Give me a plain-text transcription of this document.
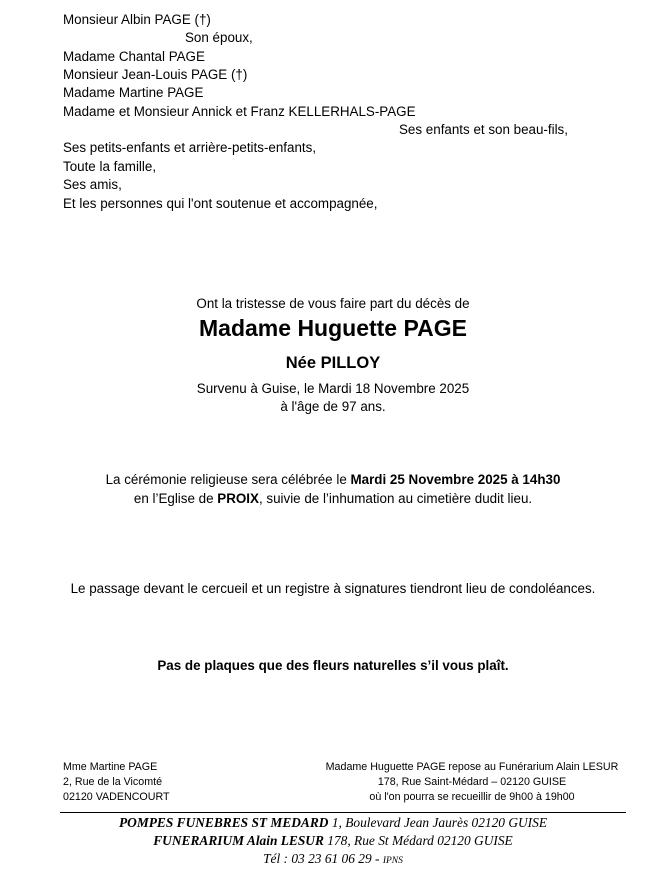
Monsieur Albin PAGE (†)
Son époux,
Madame Chantal PAGE
Monsieur Jean-Louis PAGE (†)
Madame Martine PAGE
Madame et Monsieur Annick et Franz KELLERHALS-PAGE
Ses enfants et son beau-fils,
Ses petits-enfants et arrière-petits-enfants,
Toute la famille,
Ses amis,
Et les personnes qui l'ont soutenue et accompagnée,
Ont la tristesse de vous faire part du décès de
Madame Huguette PAGE
Née PILLOY
Survenu à Guise, le Mardi 18 Novembre 2025
à l'âge de 97 ans.
La cérémonie religieuse sera célébrée le Mardi 25 Novembre 2025 à 14h30
en l’Eglise de PROIX, suivie de l’inhumation au cimetière dudit lieu.
Le passage devant le cercueil et un registre à signatures tiendront lieu de condoléances.
Pas de plaques que des fleurs naturelles s’il vous plaît.
Mme Martine PAGE
2, Rue de la Vicomté
02120 VADENCOURT
Madame Huguette PAGE repose au Funérarium Alain LESUR
178, Rue Saint-Médard – 02120 GUISE
où l'on pourra se recueillir de 9h00 à 19h00
POMPES FUNEBRES ST MEDARD 1, Boulevard Jean Jaurès 02120 GUISE
FUNERARIUM Alain LESUR 178, Rue St Médard 02120 GUISE
Tél : 03 23 61 06 29 - IPNS
